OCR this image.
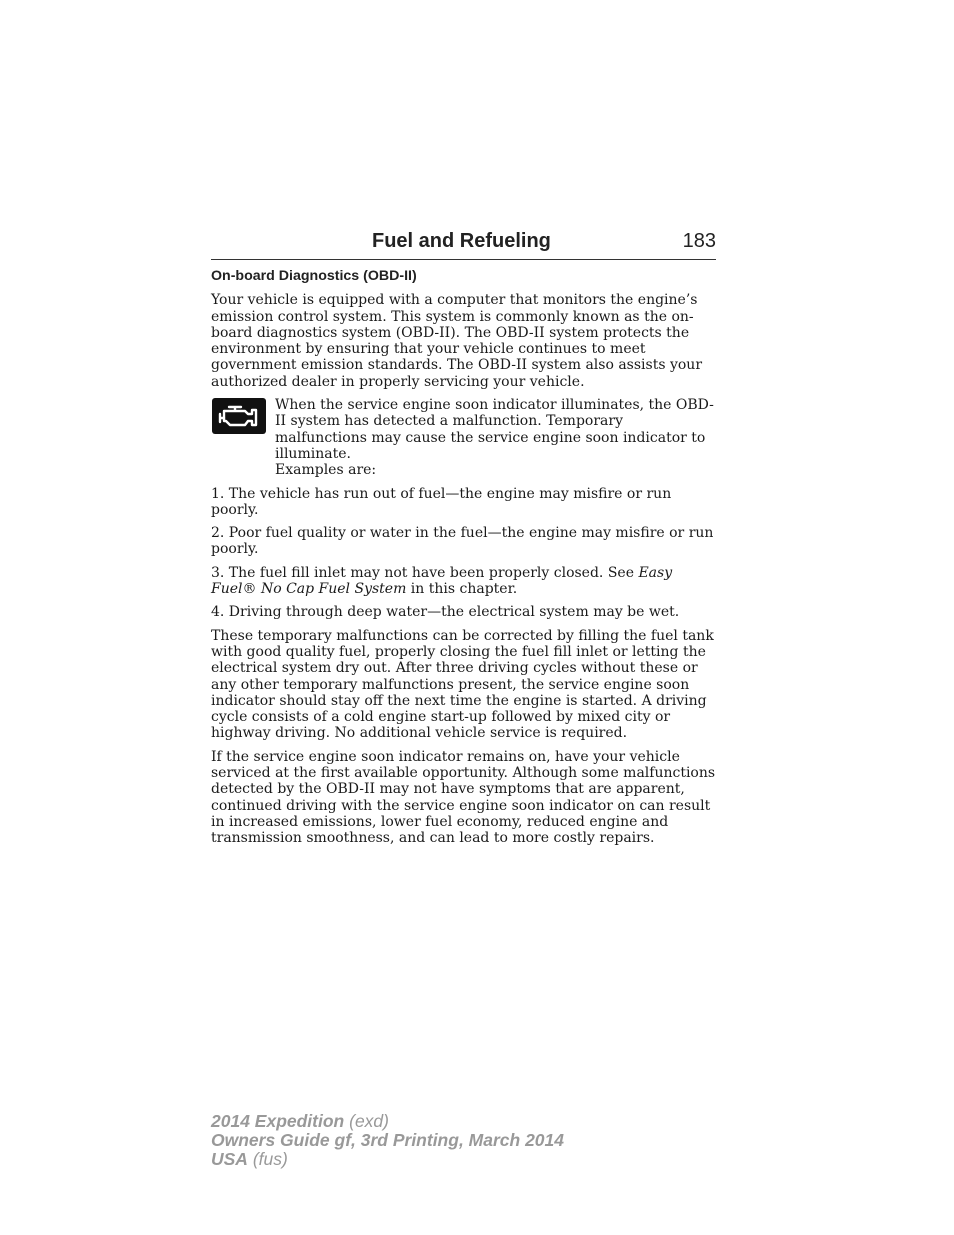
Fuel and Refueling	183
On-board Diagnostics (OBD-II)

Your vehicle is equipped with a computer that monitors the engine’s emission control system. This system is commonly known as the on-board diagnostics system (OBD-II). The OBD-II system protects the environment by ensuring that your vehicle continues to meet government emission standards. The OBD-II system also assists your authorized dealer in properly servicing your vehicle.

When the service engine soon indicator illuminates, the OBD-II system has detected a malfunction. Temporary malfunctions may cause the service engine soon indicator to illuminate.

Examples are:

1. The vehicle has run out of fuel—the engine may misfire or run poorly.

2. Poor fuel quality or water in the fuel—the engine may misfire or run poorly.

3. The fuel fill inlet may not have been properly closed. See Easy Fuel® No Cap Fuel System in this chapter.

4. Driving through deep water—the electrical system may be wet.

These temporary malfunctions can be corrected by filling the fuel tank with good quality fuel, properly closing the fuel fill inlet or letting the electrical system dry out. After three driving cycles without these or any other temporary malfunctions present, the service engine soon indicator should stay off the next time the engine is started. A driving cycle consists of a cold engine start-up followed by mixed city or highway driving. No additional vehicle service is required.

If the service engine soon indicator remains on, have your vehicle serviced at the first available opportunity. Although some malfunctions detected by the OBD-II may not have symptoms that are apparent, continued driving with the service engine soon indicator on can result in increased emissions, lower fuel economy, reduced engine and transmission smoothness, and can lead to more costly repairs.

2014 Expedition (exd)
Owners Guide gf, 3rd Printing, March 2014
USA (fus)
